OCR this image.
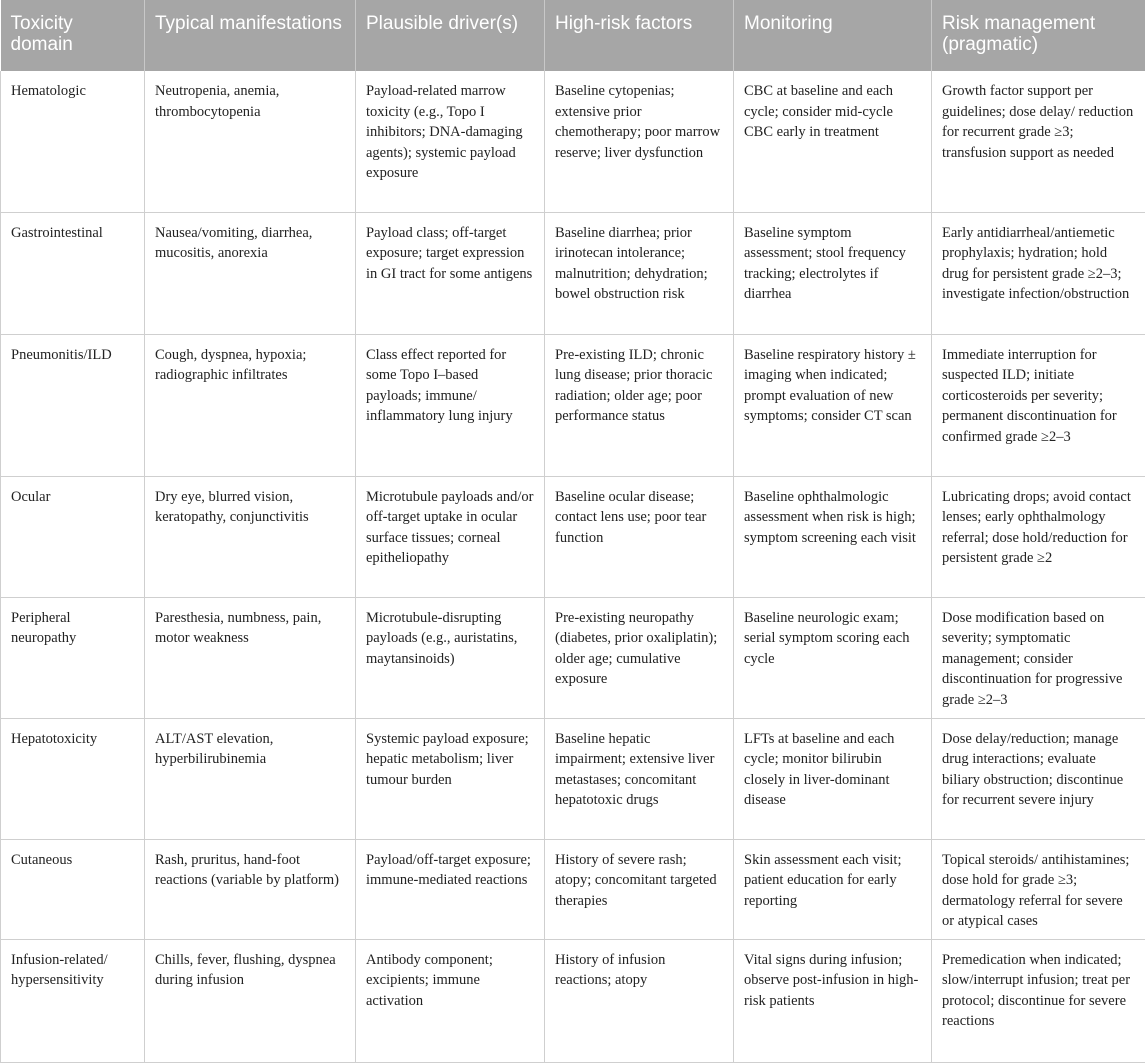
Toxicity domain	Typical manifestations	Plausible driver(s)	High-risk factors	Monitoring	Risk management (pragmatic)
Hematologic	Neutropenia, anemia, thrombocytopenia	Payload-related marrow toxicity (e.g., Topo I inhibitors; DNA-damaging agents); systemic payload exposure	Baseline cytopenias; extensive prior chemotherapy; poor marrow reserve; liver dysfunction	CBC at baseline and each cycle; consider mid-cycle CBC early in treatment	Growth factor support per guidelines; dose delay/ reduction for recurrent grade ≥3; transfusion support as needed
Gastrointestinal	Nausea/vomiting, diarrhea, mucositis, anorexia	Payload class; off-target exposure; target expression in GI tract for some antigens	Baseline diarrhea; prior irinotecan intolerance; malnutrition; dehydration; bowel obstruction risk	Baseline symptom assessment; stool frequency tracking; electrolytes if diarrhea	Early antidiarrheal/antiemetic prophylaxis; hydration; hold drug for persistent grade ≥2–3; investigate infection/obstruction
Pneumonitis/ILD	Cough, dyspnea, hypoxia; radiographic infiltrates	Class effect reported for some Topo I–based payloads; immune/ inflammatory lung injury	Pre-existing ILD; chronic lung disease; prior thoracic radiation; older age; poor performance status	Baseline respiratory history ± imaging when indicated; prompt evaluation of new symptoms; consider CT scan	Immediate interruption for suspected ILD; initiate corticosteroids per severity; permanent discontinuation for confirmed grade ≥2–3
Ocular	Dry eye, blurred vision, keratopathy, conjunctivitis	Microtubule payloads and/or off-target uptake in ocular surface tissues; corneal epitheliopathy	Baseline ocular disease; contact lens use; poor tear function	Baseline ophthalmologic assessment when risk is high; symptom screening each visit	Lubricating drops; avoid contact lenses; early ophthalmology referral; dose hold/reduction for persistent grade ≥2
Peripheral neuropathy	Paresthesia, numbness, pain, motor weakness	Microtubule-disrupting payloads (e.g., auristatins, maytansinoids)	Pre-existing neuropathy (diabetes, prior oxaliplatin); older age; cumulative exposure	Baseline neurologic exam; serial symptom scoring each cycle	Dose modification based on severity; symptomatic management; consider discontinuation for progressive grade ≥2–3
Hepatotoxicity	ALT/AST elevation, hyperbilirubinemia	Systemic payload exposure; hepatic metabolism; liver tumour burden	Baseline hepatic impairment; extensive liver metastases; concomitant hepatotoxic drugs	LFTs at baseline and each cycle; monitor bilirubin closely in liver-dominant disease	Dose delay/reduction; manage drug interactions; evaluate biliary obstruction; discontinue for recurrent severe injury
Cutaneous	Rash, pruritus, hand-foot reactions (variable by platform)	Payload/off-target exposure; immune-mediated reactions	History of severe rash; atopy; concomitant targeted therapies	Skin assessment each visit; patient education for early reporting	Topical steroids/ antihistamines; dose hold for grade ≥3; dermatology referral for severe or atypical cases
Infusion-related/ hypersensitivity	Chills, fever, flushing, dyspnea during infusion	Antibody component; excipients; immune activation	History of infusion reactions; atopy	Vital signs during infusion; observe post-infusion in high-risk patients	Premedication when indicated; slow/interrupt infusion; treat per protocol; discontinue for severe reactions
